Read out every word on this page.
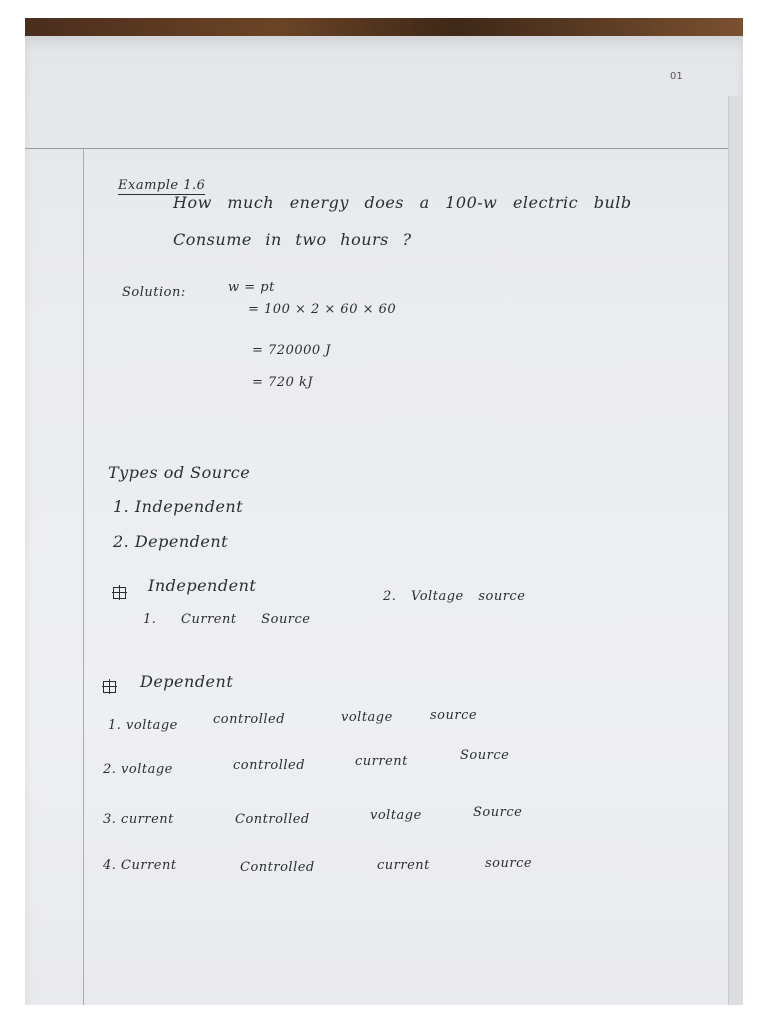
01
Example 1.6
How much energy does a 100-w electric bulb
Consume in two hours ?
Solution:	w = pt
= 100 × 2 × 60 × 60
= 720000 J
= 720 kJ
Types od Source
1. Independent
2. Dependent
Independent
1. Current Source
2. Voltage source
Dependent
1. voltage	controlled	voltage	source
2. voltage	controlled	current	Source
3. current	Controlled	voltage	Source
4. Current	Controlled	current	source
